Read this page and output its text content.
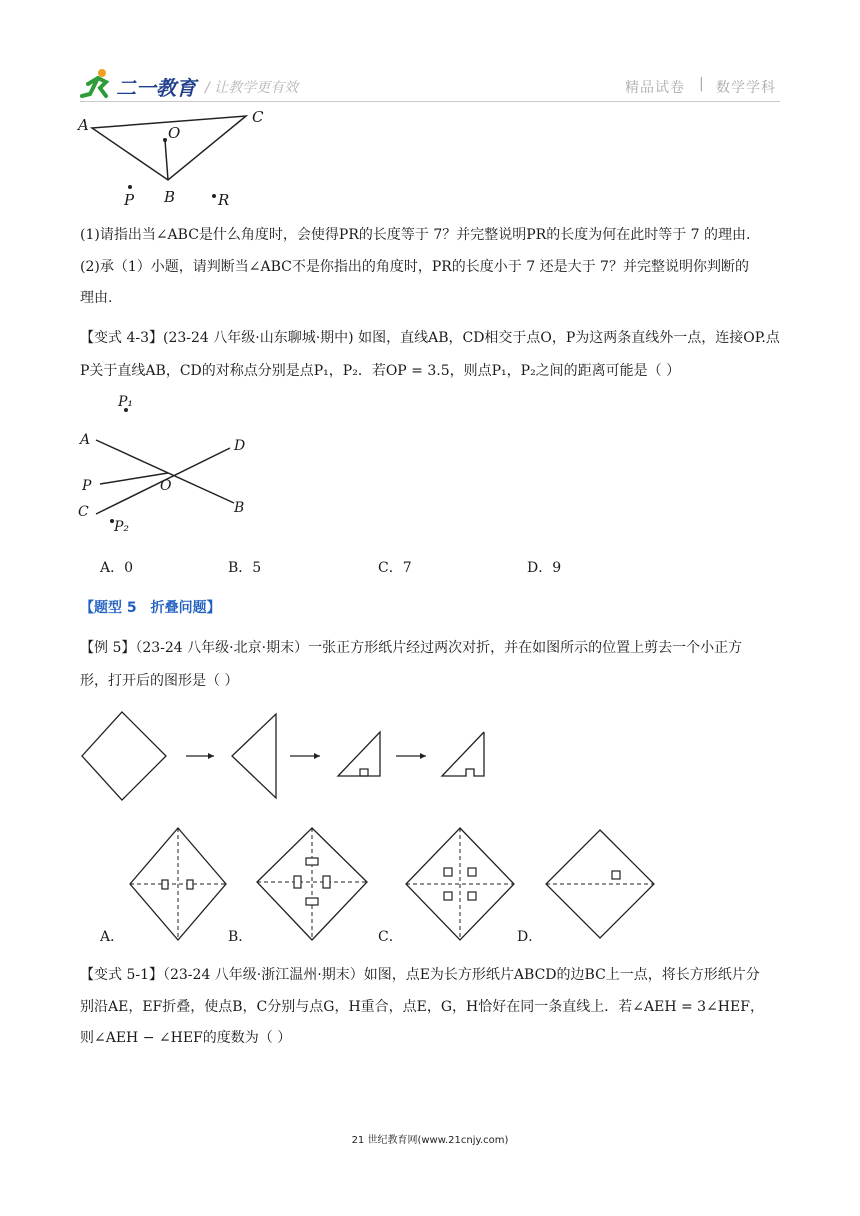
二一教育 / 让教学更有效	精品试卷 | 数学学科
A	O
C
P B	R
(1)请指出当∠ABC是什么角度时，会使得PR的长度等于 7？并完整说明PR的长度为何在此时等于 7 的理由.
(2)承（1）小题，请判断当∠ABC不是你指出的角度时，PR的长度小于 7 还是大于 7？并完整说明你判断的
理由.
【变式 4-3】(23-24 八年级·山东聊城·期中) 如图，直线AB，CD相交于点O，P为这两条直线外一点，连接OP.点
P关于直线AB，CD的对称点分别是点P₁，P₂．若OP = 3.5，则点P₁，P₂之间的距离可能是（ ）
P₁
A	D
P	O
C	B
P₂
A．0	B．5	C．7	D．9
【题型 5　折叠问题】
【例 5】（23-24 八年级·北京·期末）一张正方形纸片经过两次对折，并在如图所示的位置上剪去一个小正方
形，打开后的图形是（ ）
A．	B．	C．	D．
【变式 5-1】（23-24 八年级·浙江温州·期末）如图，点E为长方形纸片ABCD的边BC上一点，将长方形纸片分
别沿AE，EF折叠，使点B，C分别与点G，H重合，点E，G，H恰好在同一条直线上．若∠AEH = 3∠HEF，
则∠AEH − ∠HEF的度数为（ ）
21 世纪教育网(www.21cnjy.com)
